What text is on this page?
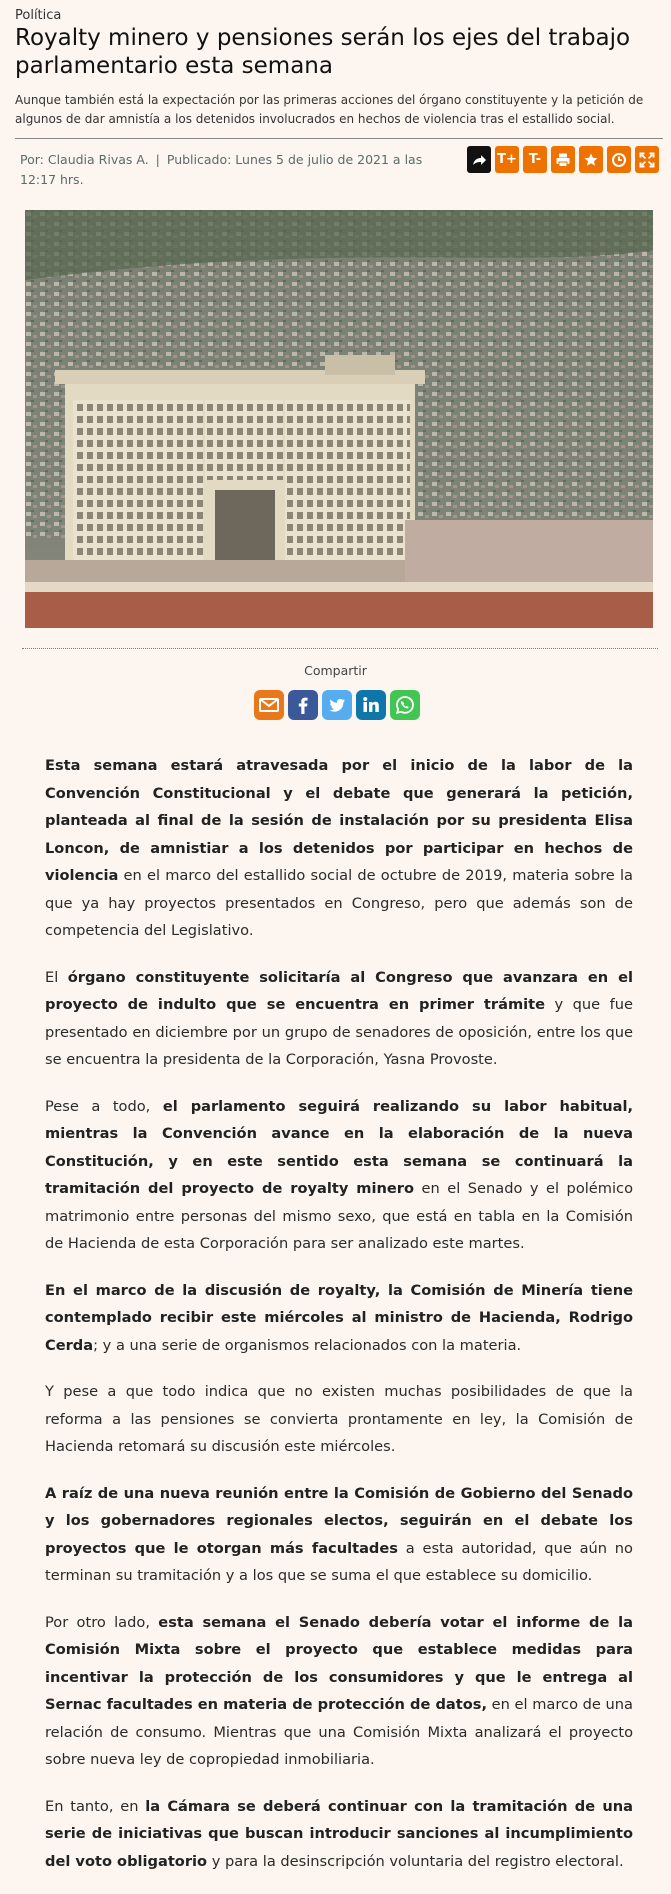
Política
Royalty minero y pensiones serán los ejes del trabajo parlamentario esta semana
Aunque también está la expectación por las primeras acciones del órgano constituyente y la petición de algunos de dar amnistía a los detenidos involucrados en hechos de violencia tras el estallido social.
Por: Claudia Rivas A. | Publicado: Lunes 5 de julio de 2021 a las 12:17 hrs.
T+ T-
Compartir

Esta semana estará atravesada por el inicio de la labor de la Convención Constitucional y el debate que generará la petición, planteada al final de la sesión de instalación por su presidenta Elisa Loncon, de amnistiar a los detenidos por participar en hechos de violencia en el marco del estallido social de octubre de 2019, materia sobre la que ya hay proyectos presentados en Congreso, pero que además son de competencia del Legislativo.

El órgano constituyente solicitaría al Congreso que avanzara en el proyecto de indulto que se encuentra en primer trámite y que fue presentado en diciembre por un grupo de senadores de oposición, entre los que se encuentra la presidenta de la Corporación, Yasna Provoste.

Pese a todo, el parlamento seguirá realizando su labor habitual, mientras la Convención avance en la elaboración de la nueva Constitución, y en este sentido esta semana se continuará la tramitación del proyecto de royalty minero en el Senado y el polémico matrimonio entre personas del mismo sexo, que está en tabla en la Comisión de Hacienda de esta Corporación para ser analizado este martes.

En el marco de la discusión de royalty, la Comisión de Minería tiene contemplado recibir este miércoles al ministro de Hacienda, Rodrigo Cerda; y a una serie de organismos relacionados con la materia.

Y pese a que todo indica que no existen muchas posibilidades de que la reforma a las pensiones se convierta prontamente en ley, la Comisión de Hacienda retomará su discusión este miércoles.

A raíz de una nueva reunión entre la Comisión de Gobierno del Senado y los gobernadores regionales electos, seguirán en el debate los proyectos que le otorgan más facultades a esta autoridad, que aún no terminan su tramitación y a los que se suma el que establece su domicilio.

Por otro lado, esta semana el Senado debería votar el informe de la Comisión Mixta sobre el proyecto que establece medidas para incentivar la protección de los consumidores y que le entrega al Sernac facultades en materia de protección de datos, en el marco de una relación de consumo. Mientras que una Comisión Mixta analizará el proyecto sobre nueva ley de copropiedad inmobiliaria.

En tanto, en la Cámara se deberá continuar con la tramitación de una serie de iniciativas que buscan introducir sanciones al incumplimiento del voto obligatorio y para la desinscripción voluntaria del registro electoral.
